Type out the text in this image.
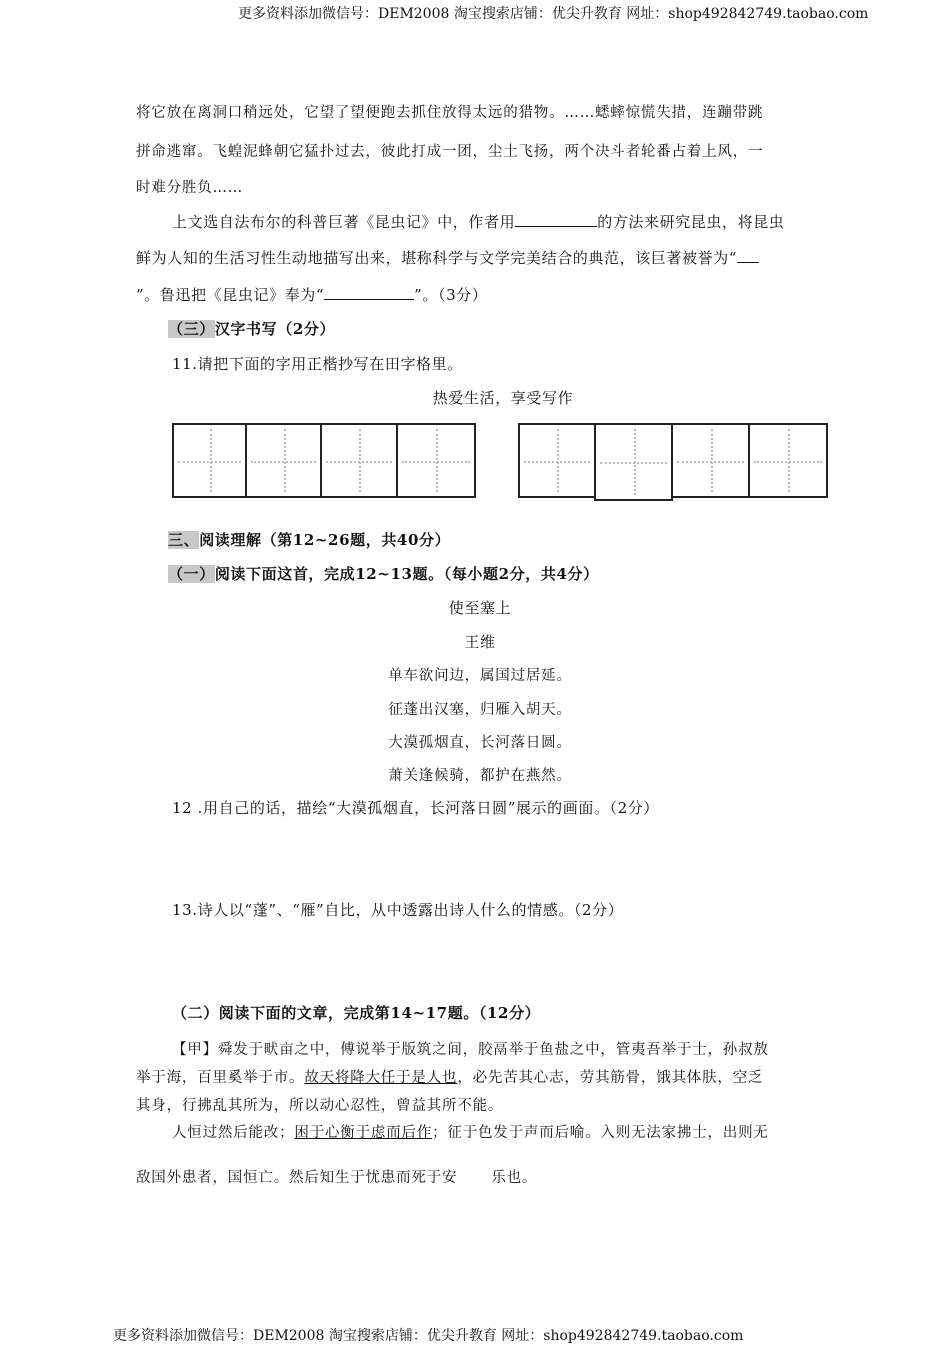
更多资料添加微信号：DEM2008 淘宝搜索店铺：优尖升教育 网址：shop492842749.taobao.com
将它放在离洞口稍远处，它望了望便跑去抓住放得太远的猎物。……蟋蟀惊慌失措，连蹦带跳
拼命逃窜。飞蝗泥蜂朝它猛扑过去，彼此打成一团，尘土飞扬，两个决斗者轮番占着上风，一
时难分胜负……
上文选自法布尔的科普巨著《昆虫记》中，作者用	的方法来研究昆虫，将昆虫
鲜为人知的生活习性生动地描写出来，堪称科学与文学完美结合的典范，该巨著被誉为“
”。鲁迅把《昆虫记》奉为“	”。（3分）
（三）汉字书写（2分）
11.请把下面的字用正楷抄写在田字格里。
热爱生活，享受写作
三、阅读理解（第12~26题，共40分）
（一）阅读下面这首，完成12~13题。（每小题2分，共4分）
使至塞上
王维
单车欲问边，属国过居延。
征蓬出汉塞，归雁入胡天。
大漠孤烟直，长河落日圆。
萧关逢候骑，都护在燕然。
12 .用自己的话，描绘“大漠孤烟直，长河落日圆”展示的画面。（2分）
13.诗人以“蓬”、“雁”自比，从中透露出诗人什么的情感。（2分）
（二）阅读下面的文章，完成第14~17题。（12分）
【甲】舜发于畎亩之中，傅说举于版筑之间，胶鬲举于鱼盐之中，管夷吾举于士，孙叔敖
举于海，百里奚举于市。故天将降大任于是人也，必先苦其心志，劳其筋骨，饿其体肤，空乏
其身，行拂乱其所为，所以动心忍性，曾益其所不能。
人恒过然后能改；困于心衡于虑而后作；征于色发于声而后喻。入则无法家拂士，出则无
敌国外患者，国恒亡。然后知生于忧患而死于安 乐也。
更多资料添加微信号：DEM2008 淘宝搜索店铺：优尖升教育 网址：shop492842749.taobao.com
